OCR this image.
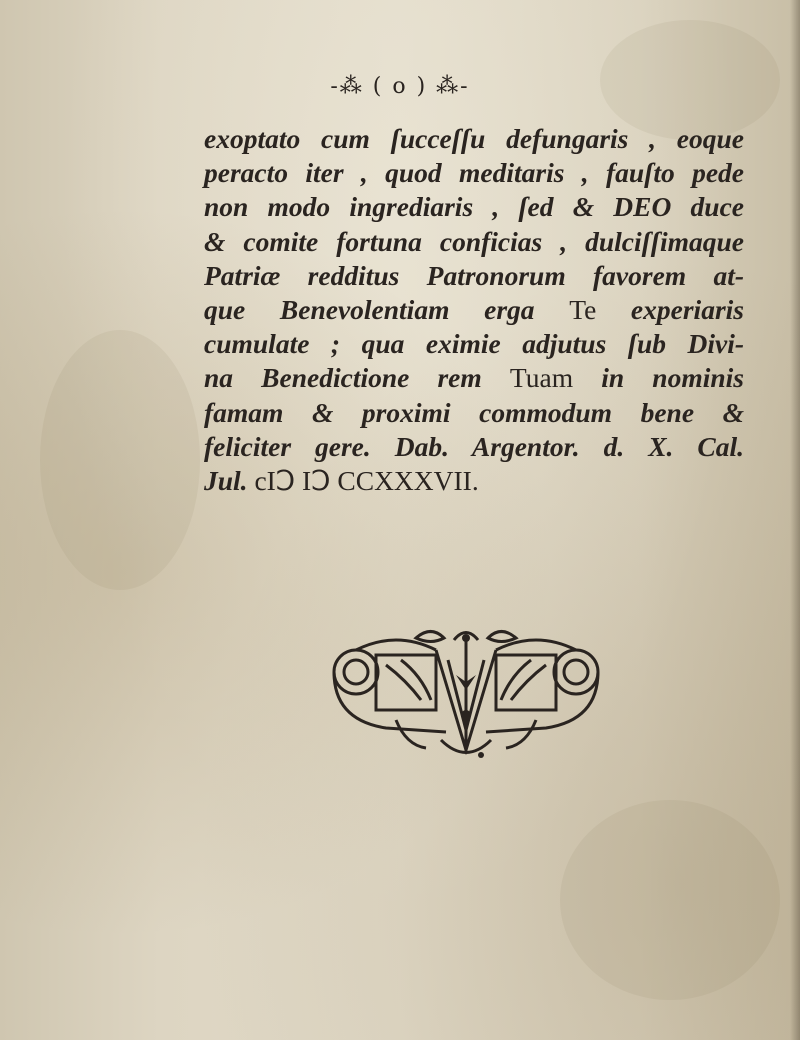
-⁂ ( o ) ⁂-
exoptato cum ſucceſſu defungaris , eoque
peracto iter , quod meditaris , fauſto pede
non modo ingrediaris , ſed & DEO duce
& comite fortuna conficias , dulciſſimaque
Patriæ redditus Patronorum favorem at-
que Benevolentiam erga Te experiaris
cumulate ; qua eximie adjutus ſub Divi-
na Benedictione rem Tuam in nominis
famam & proximi commodum bene &
feliciter gere. Dab. Argentor. d. X. Cal.
Jul. cIↃ IↃ CCXXXVII.
